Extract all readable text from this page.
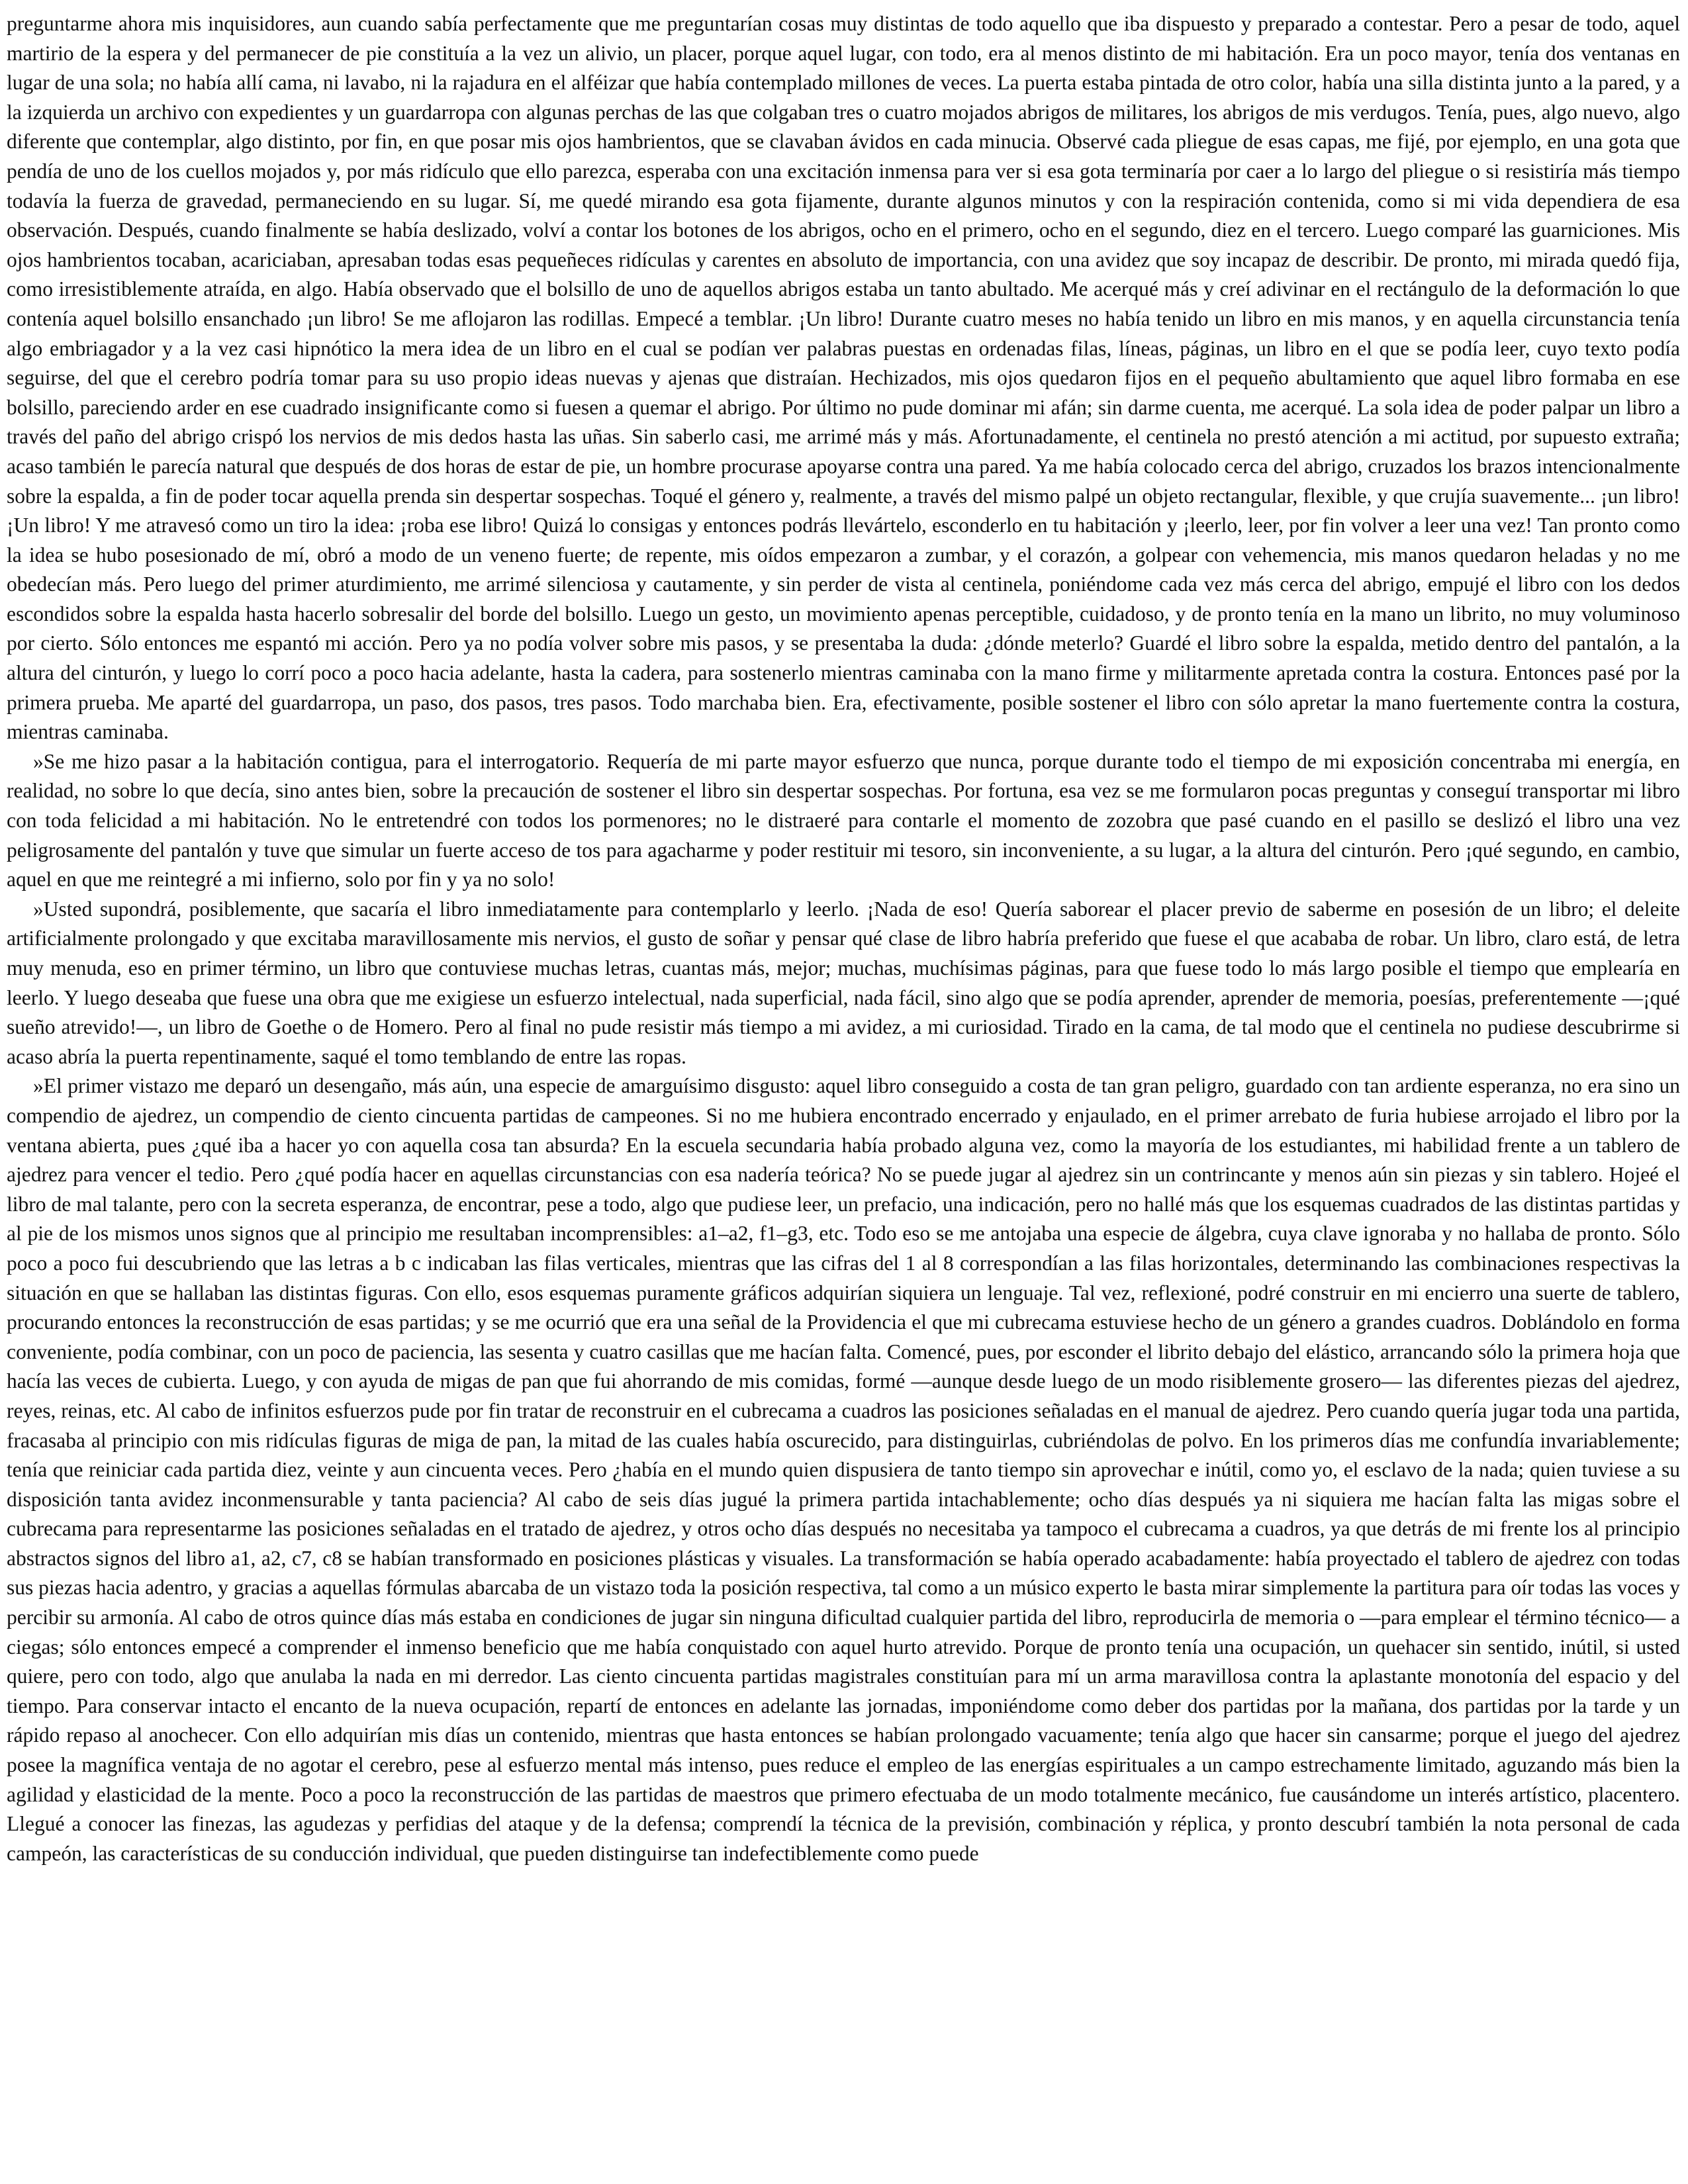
preguntarme ahora mis inquisidores, aun cuando sabía perfectamente que me preguntarían cosas muy distintas de todo aquello que iba dispuesto y preparado a contestar. Pero a pesar de todo, aquel martirio de la espera y del permanecer de pie constituía a la vez un alivio, un placer, porque aquel lugar, con todo, era al menos distinto de mi habitación. Era un poco mayor, tenía dos ventanas en lugar de una sola; no había allí cama, ni lavabo, ni la rajadura en el alféizar que había contemplado millones de veces. La puerta estaba pintada de otro color, había una silla distinta junto a la pared, y a la izquierda un archivo con expedientes y un guardarropa con algunas perchas de las que colgaban tres o cuatro mojados abrigos de militares, los abrigos de mis verdugos. Tenía, pues, algo nuevo, algo diferente que contemplar, algo distinto, por fin, en que posar mis ojos hambrientos, que se clavaban ávidos en cada minucia. Observé cada pliegue de esas capas, me fijé, por ejemplo, en una gota que pendía de uno de los cuellos mojados y, por más ridículo que ello parezca, esperaba con una excitación inmensa para ver si esa gota terminaría por caer a lo largo del pliegue o si resistiría más tiempo todavía la fuerza de gravedad, permaneciendo en su lugar. Sí, me quedé mirando esa gota fijamente, durante algunos minutos y con la respiración contenida, como si mi vida dependiera de esa observación. Después, cuando finalmente se había deslizado, volví a contar los botones de los abrigos, ocho en el primero, ocho en el segundo, diez en el tercero. Luego comparé las guarniciones. Mis ojos hambrientos tocaban, acariciaban, apresaban todas esas pequeñeces ridículas y carentes en absoluto de importancia, con una avidez que soy incapaz de describir. De pronto, mi mirada quedó fija, como irresistiblemente atraída, en algo. Había observado que el bolsillo de uno de aquellos abrigos estaba un tanto abultado. Me acerqué más y creí adivinar en el rectángulo de la deformación lo que contenía aquel bolsillo ensanchado ¡un libro! Se me aflojaron las rodillas. Empecé a temblar. ¡Un libro! Durante cuatro meses no había tenido un libro en mis manos, y en aquella circunstancia tenía algo embriagador y a la vez casi hipnótico la mera idea de un libro en el cual se podían ver palabras puestas en ordenadas filas, líneas, páginas, un libro en el que se podía leer, cuyo texto podía seguirse, del que el cerebro podría tomar para su uso propio ideas nuevas y ajenas que distraían. Hechizados, mis ojos quedaron fijos en el pequeño abultamiento que aquel libro formaba en ese bolsillo, pareciendo arder en ese cuadrado insignificante como si fuesen a quemar el abrigo. Por último no pude dominar mi afán; sin darme cuenta, me acerqué. La sola idea de poder palpar un libro a través del paño del abrigo crispó los nervios de mis dedos hasta las uñas. Sin saberlo casi, me arrimé más y más. Afortunadamente, el centinela no prestó atención a mi actitud, por supuesto extraña; acaso también le parecía natural que después de dos horas de estar de pie, un hombre procurase apoyarse contra una pared. Ya me había colocado cerca del abrigo, cruzados los brazos intencionalmente sobre la espalda, a fin de poder tocar aquella prenda sin despertar sospechas. Toqué el género y, realmente, a través del mismo palpé un objeto rectangular, flexible, y que crujía suavemente... ¡un libro! ¡Un libro! Y me atravesó como un tiro la idea: ¡roba ese libro! Quizá lo consigas y entonces podrás llevártelo, esconderlo en tu habitación y ¡leerlo, leer, por fin volver a leer una vez! Tan pronto como la idea se hubo posesionado de mí, obró a modo de un veneno fuerte; de repente, mis oídos empezaron a zumbar, y el corazón, a golpear con vehemencia, mis manos quedaron heladas y no me obedecían más. Pero luego del primer aturdimiento, me arrimé silenciosa y cautamente, y sin perder de vista al centinela, poniéndome cada vez más cerca del abrigo, empujé el libro con los dedos escondidos sobre la espalda hasta hacerlo sobresalir del borde del bolsillo. Luego un gesto, un movimiento apenas perceptible, cuidadoso, y de pronto tenía en la mano un librito, no muy voluminoso por cierto. Sólo entonces me espantó mi acción. Pero ya no podía volver sobre mis pasos, y se presentaba la duda: ¿dónde meterlo? Guardé el libro sobre la espalda, metido dentro del pantalón, a la altura del cinturón, y luego lo corrí poco a poco hacia adelante, hasta la cadera, para sostenerlo mientras caminaba con la mano firme y militarmente apretada contra la costura. Entonces pasé por la primera prueba. Me aparté del guardarropa, un paso, dos pasos, tres pasos. Todo marchaba bien. Era, efectivamente, posible sostener el libro con sólo apretar la mano fuertemente contra la costura, mientras caminaba.

»Se me hizo pasar a la habitación contigua, para el interrogatorio. Requería de mi parte mayor esfuerzo que nunca, porque durante todo el tiempo de mi exposición concentraba mi energía, en realidad, no sobre lo que decía, sino antes bien, sobre la precaución de sostener el libro sin despertar sospechas. Por fortuna, esa vez se me formularon pocas preguntas y conseguí transportar mi libro con toda felicidad a mi habitación. No le entretendré con todos los pormenores; no le distraeré para contarle el momento de zozobra que pasé cuando en el pasillo se deslizó el libro una vez peligrosamente del pantalón y tuve que simular un fuerte acceso de tos para agacharme y poder restituir mi tesoro, sin inconveniente, a su lugar, a la altura del cinturón. Pero ¡qué segundo, en cambio, aquel en que me reintegré a mi infierno, solo por fin y ya no solo!

»Usted supondrá, posiblemente, que sacaría el libro inmediatamente para contemplarlo y leerlo. ¡Nada de eso! Quería saborear el placer previo de saberme en posesión de un libro; el deleite artificialmente prolongado y que excitaba maravillosamente mis nervios, el gusto de soñar y pensar qué clase de libro habría preferido que fuese el que acababa de robar. Un libro, claro está, de letra muy menuda, eso en primer término, un libro que contuviese muchas letras, cuantas más, mejor; muchas, muchísimas páginas, para que fuese todo lo más largo posible el tiempo que emplearía en leerlo. Y luego deseaba que fuese una obra que me exigiese un esfuerzo intelectual, nada superficial, nada fácil, sino algo que se podía aprender, aprender de memoria, poesías, preferentemente —¡qué sueño atrevido!—, un libro de Goethe o de Homero. Pero al final no pude resistir más tiempo a mi avidez, a mi curiosidad. Tirado en la cama, de tal modo que el centinela no pudiese descubrirme si acaso abría la puerta repentinamente, saqué el tomo temblando de entre las ropas.

»El primer vistazo me deparó un desengaño, más aún, una especie de amarguísimo disgusto: aquel libro conseguido a costa de tan gran peligro, guardado con tan ardiente esperanza, no era sino un compendio de ajedrez, un compendio de ciento cincuenta partidas de campeones. Si no me hubiera encontrado encerrado y enjaulado, en el primer arrebato de furia hubiese arrojado el libro por la ventana abierta, pues ¿qué iba a hacer yo con aquella cosa tan absurda? En la escuela secundaria había probado alguna vez, como la mayoría de los estudiantes, mi habilidad frente a un tablero de ajedrez para vencer el tedio. Pero ¿qué podía hacer en aquellas circunstancias con esa nadería teórica? No se puede jugar al ajedrez sin un contrincante y menos aún sin piezas y sin tablero. Hojeé el libro de mal talante, pero con la secreta esperanza, de encontrar, pese a todo, algo que pudiese leer, un prefacio, una indicación, pero no hallé más que los esquemas cuadrados de las distintas partidas y al pie de los mismos unos signos que al principio me resultaban incomprensibles: a1–a2, f1–g3, etc. Todo eso se me antojaba una especie de álgebra, cuya clave ignoraba y no hallaba de pronto. Sólo poco a poco fui descubriendo que las letras a b c indicaban las filas verticales, mientras que las cifras del 1 al 8 correspondían a las filas horizontales, determinando las combinaciones respectivas la situación en que se hallaban las distintas figuras. Con ello, esos esquemas puramente gráficos adquirían siquiera un lenguaje. Tal vez, reflexioné, podré construir en mi encierro una suerte de tablero, procurando entonces la reconstrucción de esas partidas; y se me ocurrió que era una señal de la Providencia el que mi cubrecama estuviese hecho de un género a grandes cuadros. Doblándolo en forma conveniente, podía combinar, con un poco de paciencia, las sesenta y cuatro casillas que me hacían falta. Comencé, pues, por esconder el librito debajo del elástico, arrancando sólo la primera hoja que hacía las veces de cubierta. Luego, y con ayuda de migas de pan que fui ahorrando de mis comidas, formé —aunque desde luego de un modo risiblemente grosero— las diferentes piezas del ajedrez, reyes, reinas, etc. Al cabo de infinitos esfuerzos pude por fin tratar de reconstruir en el cubrecama a cuadros las posiciones señaladas en el manual de ajedrez. Pero cuando quería jugar toda una partida, fracasaba al principio con mis ridículas figuras de miga de pan, la mitad de las cuales había oscurecido, para distinguirlas, cubriéndolas de polvo. En los primeros días me confundía invariablemente; tenía que reiniciar cada partida diez, veinte y aun cincuenta veces. Pero ¿había en el mundo quien dispusiera de tanto tiempo sin aprovechar e inútil, como yo, el esclavo de la nada; quien tuviese a su disposición tanta avidez inconmensurable y tanta paciencia? Al cabo de seis días jugué la primera partida intachablemente; ocho días después ya ni siquiera me hacían falta las migas sobre el cubrecama para representarme las posiciones señaladas en el tratado de ajedrez, y otros ocho días después no necesitaba ya tampoco el cubrecama a cuadros, ya que detrás de mi frente los al principio abstractos signos del libro a1, a2, c7, c8 se habían transformado en posiciones plásticas y visuales. La transformación se había operado acabadamente: había proyectado el tablero de ajedrez con todas sus piezas hacia adentro, y gracias a aquellas fórmulas abarcaba de un vistazo toda la posición respectiva, tal como a un músico experto le basta mirar simplemente la partitura para oír todas las voces y percibir su armonía. Al cabo de otros quince días más estaba en condiciones de jugar sin ninguna dificultad cualquier partida del libro, reproducirla de memoria o —para emplear el término técnico— a ciegas; sólo entonces empecé a comprender el inmenso beneficio que me había conquistado con aquel hurto atrevido. Porque de pronto tenía una ocupación, un quehacer sin sentido, inútil, si usted quiere, pero con todo, algo que anulaba la nada en mi derredor. Las ciento cincuenta partidas magistrales constituían para mí un arma maravillosa contra la aplastante monotonía del espacio y del tiempo. Para conservar intacto el encanto de la nueva ocupación, repartí de entonces en adelante las jornadas, imponiéndome como deber dos partidas por la mañana, dos partidas por la tarde y un rápido repaso al anochecer. Con ello adquirían mis días un contenido, mientras que hasta entonces se habían prolongado vacuamente; tenía algo que hacer sin cansarme; porque el juego del ajedrez posee la magnífica ventaja de no agotar el cerebro, pese al esfuerzo mental más intenso, pues reduce el empleo de las energías espirituales a un campo estrechamente limitado, aguzando más bien la agilidad y elasticidad de la mente. Poco a poco la reconstrucción de las partidas de maestros que primero efectuaba de un modo totalmente mecánico, fue causándome un interés artístico, placentero. Llegué a conocer las finezas, las agudezas y perfidias del ataque y de la defensa; comprendí la técnica de la previsión, combinación y réplica, y pronto descubrí también la nota personal de cada campeón, las características de su conducción individual, que pueden distinguirse tan indefectiblemente como puede
